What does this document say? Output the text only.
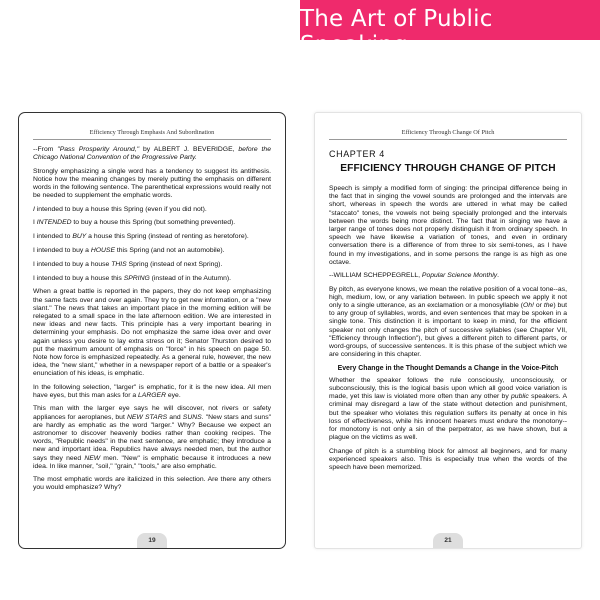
The Art of Public Speaking
Efficiency Through Emphasis And Subordination

--From "Pass Prosperity Around," by ALBERT J. BEVERIDGE, before the Chicago National Convention of the Progressive Party.

Strongly emphasizing a single word has a tendency to suggest its antithesis. Notice how the meaning changes by merely putting the emphasis on different words in the following sentence. The parenthetical expressions would really not be needed to supplement the emphatic words.

I intended to buy a house this Spring (even if you did not).

I INTENDED to buy a house this Spring (but something prevented).

I intended to BUY a house this Spring (instead of renting as heretofore).

I intended to buy a HOUSE this Spring (and not an automobile).

I intended to buy a house THIS Spring (instead of next Spring).

I intended to buy a house this SPRING (instead of in the Autumn).

When a great battle is reported in the papers, they do not keep emphasizing the same facts over and over again. They try to get new information, or a "new slant." The news that takes an important place in the morning edition will be relegated to a small space in the late afternoon edition. We are interested in new ideas and new facts. This principle has a very important bearing in determining your emphasis. Do not emphasize the same idea over and over again unless you desire to lay extra stress on it; Senator Thurston desired to put the maximum amount of emphasis on "force" in his speech on page 50. Note how force is emphasized repeatedly. As a general rule, however, the new idea, the "new slant," whether in a newspaper report of a battle or a speaker's enunciation of his ideas, is emphatic.

In the following selection, "larger" is emphatic, for it is the new idea. All men have eyes, but this man asks for a LARGER eye.

This man with the larger eye says he will discover, not rivers or safety appliances for aeroplanes, but NEW STARS and SUNS. "New stars and suns" are hardly as emphatic as the word "larger." Why? Because we expect an astronomer to discover heavenly bodies rather than cooking recipes. The words, "Republic needs" in the next sentence, are emphatic; they introduce a new and important idea. Republics have always needed men, but the author says they need NEW men. "New" is emphatic because it introduces a new idea. In like manner, "soil," "grain," "tools," are also emphatic.

The most emphatic words are italicized in this selection. Are there any others you would emphasize? Why?

19
Efficiency Through Change Of Pitch
CHAPTER 4
EFFICIENCY THROUGH CHANGE OF PITCH

Speech is simply a modified form of singing: the principal difference being in the fact that in singing the vowel sounds are prolonged and the intervals are short, whereas in speech the words are uttered in what may be called "staccato" tones, the vowels not being specially prolonged and the intervals between the words being more distinct. The fact that in singing we have a larger range of tones does not properly distinguish it from ordinary speech. In speech we have likewise a variation of tones, and even in ordinary conversation there is a difference of from three to six semi-tones, as I have found in my investigations, and in some persons the range is as high as one octave.

--WILLIAM SCHEPPEGRELL, Popular Science Monthly.

By pitch, as everyone knows, we mean the relative position of a vocal tone--as, high, medium, low, or any variation between. In public speech we apply it not only to a single utterance, as an exclamation or a monosyllable (Oh! or the) but to any group of syllables, words, and even sentences that may be spoken in a single tone. This distinction it is important to keep in mind, for the efficient speaker not only changes the pitch of successive syllables (see Chapter VII, "Efficiency through Inflection"), but gives a different pitch to different parts, or word-groups, of successive sentences. It is this phase of the subject which we are considering in this chapter.

Every Change in the Thought Demands a Change in the Voice-Pitch

Whether the speaker follows the rule consciously, unconsciously, or subconsciously, this is the logical basis upon which all good voice variation is made, yet this law is violated more often than any other by public speakers. A criminal may disregard a law of the state without detection and punishment, but the speaker who violates this regulation suffers its penalty at once in his loss of effectiveness, while his innocent hearers must endure the monotony--for monotony is not only a sin of the perpetrator, as we have shown, but a plague on the victims as well.

Change of pitch is a stumbling block for almost all beginners, and for many experienced speakers also. This is especially true when the words of the speech have been memorized.

21
